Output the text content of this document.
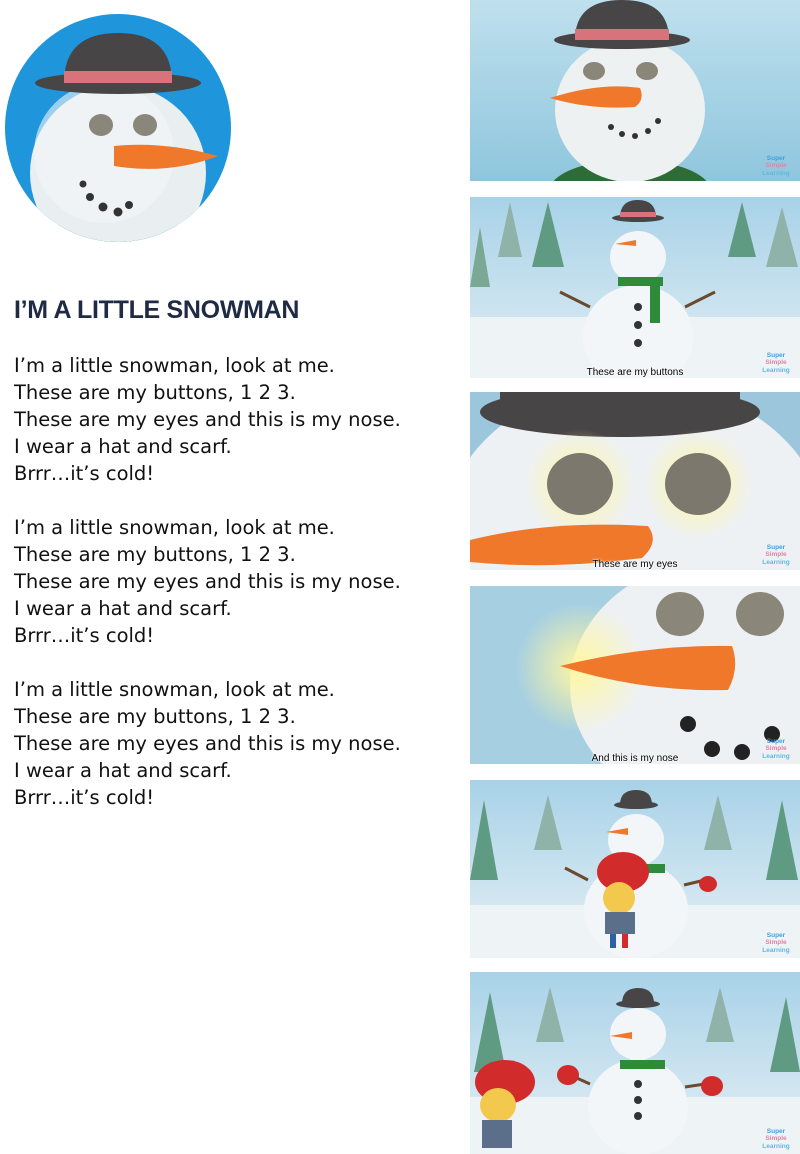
I’M A LITTLE SNOWMAN
I’m a little snowman, look at me.
These are my buttons, 1 2 3.
These are my eyes and this is my nose.
I wear a hat and scarf.
Brrr…it’s cold!
I’m a little snowman, look at me.
These are my buttons, 1 2 3.
These are my eyes and this is my nose.
I wear a hat and scarf.
Brrr…it’s cold!
I’m a little snowman, look at me.
These are my buttons, 1 2 3.
These are my eyes and this is my nose.
I wear a hat and scarf.
Brrr…it’s cold!
Super
Simple
Learning
These are my buttons
Super
Simple
Learning
These are my eyes
Super
Simple
Learning
And this is my nose
Super
Simple
Learning
Super
Simple
Learning
Super
Simple
Learning
